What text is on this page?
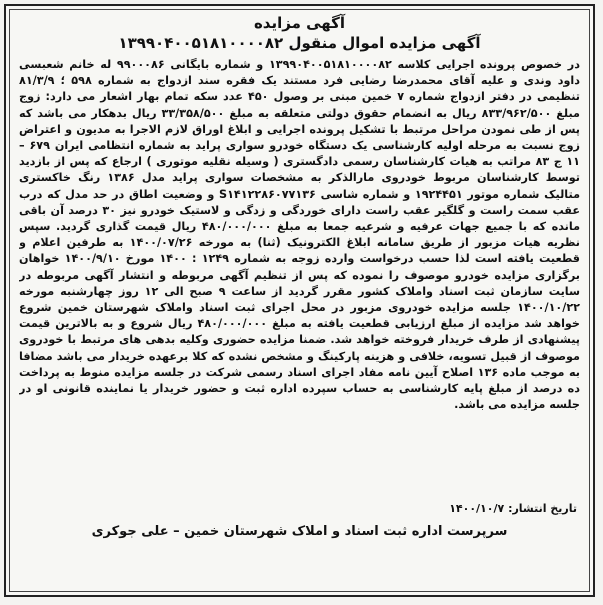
آگهی مزایده
آگهی مزایده اموال منقول ۱۳۹۹۰۴۰۰۵۱۸۱۰۰۰۰۸۲
در خصوص پرونده اجرایی کلاسه ۱۳۹۹۰۴۰۰۵۱۸۱۰۰۰۰۸۲ و شماره بایگانی ۹۹۰۰۰۸۶ له خانم شعبسی داود وندی و علیه آقای محمدرضا رضایی فرد مستند یک فقره سند ازدواج به شماره ۵۹۸ ؛ ۸۱/۳/۹ تنظیمی در دفتر ازدواج شماره ۷ خمین مبنی بر وصول ۴۵۰ عدد سکه تمام بهار اشعار می دارد: زوج مبلغ ۸۳۳/۹۶۲/۵۰۰ ریال به انضمام حقوق دولتی متعلقه به مبلغ ۳۳/۳۵۸/۵۰۰ ریال بدهکار می باشد که پس از طی نمودن مراحل مرتبط با تشکیل پرونده اجرایی و ابلاغ اوراق لازم الاجرا به مدیون و اعتراض زوج نسبت به مرحله اولیه کارشناسی یک دستگاه خودرو سواری پراید به شماره انتظامی ایران ۶۷۹ – ۱۱ ج ۸۳ مراتب به هیات کارشناسان رسمی دادگستری ( وسیله نقلیه موتوری ) ارجاع که پس از بازدید توسط کارشناسان مربوط خودروی مارالذکر به مشخصات سواری پراید مدل ۱۳۸۶ رنگ خاکستری متالیک شماره موتور ۱۹۲۴۴۵۱ و شماره شاسی S۱۴۱۲۲۸۶۰۷۷۱۳۶ و وضعیت اطاق در حد مدل که درب عقب سمت راست و گلگیر عقب راست دارای خوردگی و زدگی و لاستیک خودرو نیز ۳۰ درصد آن باقی مانده که با جمیع جهات عرفیه و شرعیه جمعا به مبلغ ۴۸۰/۰۰۰/۰۰۰ ریال قیمت گذاری گردید. سپس نظریه هیات مزبور از طریق سامانه ابلاغ الکترونیک (ثنا) به مورخه ۱۴۰۰/۰۷/۲۶ به طرفین اعلام و قطعیت یافته است لذا حسب درخواست وارده زوجه به شماره ۱۲۴۹ : ۱۴۰۰ مورخ ۱۴۰۰/۹/۱۰ خواهان برگزاری مزایده خودرو موصوف را نموده که پس از تنظیم آگهی مربوطه و انتشار آگهی مربوطه در سایت سازمان ثبت اسناد واملاک کشور مقرر گردید از ساعت ۹ صبح الی ۱۲ روز چهارشنبه مورخه ۱۴۰۰/۱۰/۲۲ جلسه مزایده خودروی مزبور در محل اجرای ثبت اسناد واملاک شهرستان خمین شروع خواهد شد مزایده از مبلغ ارزیابی قطعیت یافته به مبلغ ۴۸۰/۰۰۰/۰۰۰ ریال شروع و به بالاترین قیمت پیشنهادی از طرف خریدار فروخته خواهد شد. ضمنا مزایده حضوری وکلیه بدهی های مرتبط با خودروی موصوف از قبیل تسویه، خلافی و هزینه پارکینگ و مشخص نشده که کلا برعهده خریدار می باشد مضافا به موجب ماده ۱۳۶ اصلاح آیین نامه مفاد اجرای اسناد رسمی شرکت در جلسه مزایده منوط به پرداخت ده درصد از مبلغ پایه کارشناسی به حساب سپرده اداره ثبت و حضور خریدار یا نماینده قانونی او در جلسه مزایده می باشد.
تاریخ انتشار: ۱۴۰۰/۱۰/۷
سرپرست اداره ثبت اسناد و املاک شهرستان خمین – علی جوکری
